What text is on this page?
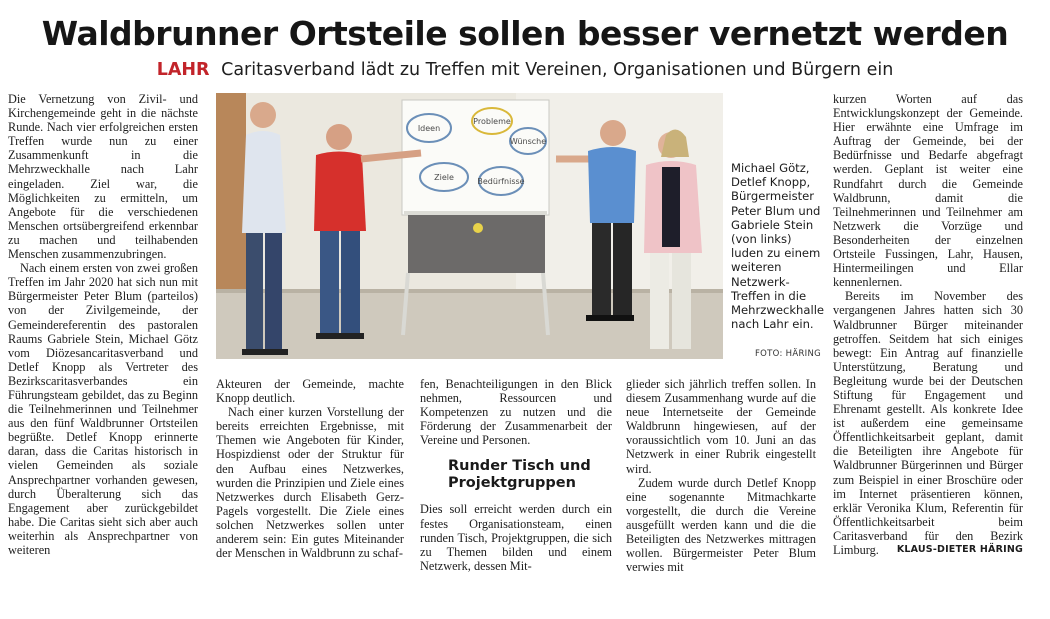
Waldbrunner Ortsteile sollen besser vernetzt werden
LAHR Caritasverband lädt zu Treffen mit Vereinen, Organisationen und Bürgern ein

Die Vernetzung von Zivil- und Kirchengemeinde geht in die nächste Runde. Nach vier erfolgreichen ersten Treffen wurde nun zu einer Zusammenkunft in die Mehrzweckhalle nach Lahr eingeladen. Ziel war, die Möglichkeiten zu ermitteln, um Angebote für die verschiedenen Menschen ortsübergreifend erkennbar zu machen und teilhabenden Menschen zusammenzubringen.

Nach einem ersten von zwei großen Treffen im Jahr 2020 hat sich nun mit Bürgermeister Peter Blum (parteilos) von der Zivilgemeinde, der Gemeindereferentin des pastoralen Raums Gabriele Stein, Michael Götz vom Diözesancaritasverband und Detlef Knopp als Vertreter des Bezirkscaritasverbandes ein Führungsteam gebildet, das zu Beginn die Teilnehmerinnen und Teilnehmer aus den fünf Waldbrunner Ortsteilen begrüßte. Detlef Knopp erinnerte daran, dass die Caritas historisch in vielen Gemeinden als soziale Ansprechpartner vorhanden gewesen, durch Überalterung sich das Engagement aber zurückgebildet habe. Die Caritas sieht sich aber auch weiterhin als Ansprechpartner von weiteren

Ideen
Probleme
Wünsche
Ziele	Bedürfnisse
Michael Götz, Detlef Knopp, Bürgermeister Peter Blum und Gabriele Stein (von links) luden zu einem weiteren Netzwerk-Treffen in die Mehrzweckhalle nach Lahr ein.
FOTO: HÄRING

Akteuren der Gemeinde, machte Knopp deutlich.

Nach einer kurzen Vorstellung der bereits erreichten Ergebnisse, mit Themen wie Angeboten für Kinder, Hospizdienst oder der Struktur für den Aufbau eines Netzwerkes, wurden die Prinzipien und Ziele eines Netzwerkes durch Elisabeth Gerz-Pagels vorgestellt. Die Ziele eines solchen Netzwerkes sollen unter anderem sein: Ein gutes Miteinander der Menschen in Waldbrunn zu schaf-

fen, Benachteiligungen in den Blick nehmen, Ressourcen und Kompetenzen zu nutzen und die Förderung der Zusammenarbeit der Vereine und Personen.

Runder Tisch und Projektgruppen

Dies soll erreicht werden durch ein festes Organisationsteam, einen runden Tisch, Projektgruppen, die sich zu Themen bilden und einem Netzwerk, dessen Mit-

glieder sich jährlich treffen sollen. In diesem Zusammenhang wurde auf die neue Internetseite der Gemeinde Waldbrunn hingewiesen, auf der voraussichtlich vom 10. Juni an das Netzwerk in einer Rubrik eingestellt wird.

Zudem wurde durch Detlef Knopp eine sogenannte Mitmachkarte vorgestellt, die durch die Vereine ausgefüllt werden kann und die die Beteiligten des Netzwerkes mittragen wollen. Bürgermeister Peter Blum verwies mit

kurzen Worten auf das Entwicklungskonzept der Gemeinde. Hier erwähnte eine Umfrage im Auftrag der Gemeinde, bei der Bedürfnisse und Bedarfe abgefragt werden. Geplant ist weiter eine Rundfahrt durch die Gemeinde Waldbrunn, damit die Teilnehmerinnen und Teilnehmer am Netzwerk die Vorzüge und Besonderheiten der einzelnen Ortsteile Fussingen, Lahr, Hausen, Hintermeilingen und Ellar kennenlernen.

Bereits im November des vergangenen Jahres hatten sich 30 Waldbrunner Bürger miteinander getroffen. Seitdem hat sich einiges bewegt: Ein Antrag auf finanzielle Unterstützung, Beratung und Begleitung wurde bei der Deutschen Stiftung für Engagement und Ehrenamt gestellt. Als konkrete Idee ist außerdem eine gemeinsame Öffentlichkeitsarbeit geplant, damit die Beteiligten ihre Angebote für Waldbrunner Bürgerinnen und Bürger zum Beispiel in einer Broschüre oder im Internet präsentieren können, erklär Veronika Klum, Referentin für Öffentlichkeitsarbeit beim Caritasverband für den Bezirk Limburg.	KLAUS-DIETER HÄRING
